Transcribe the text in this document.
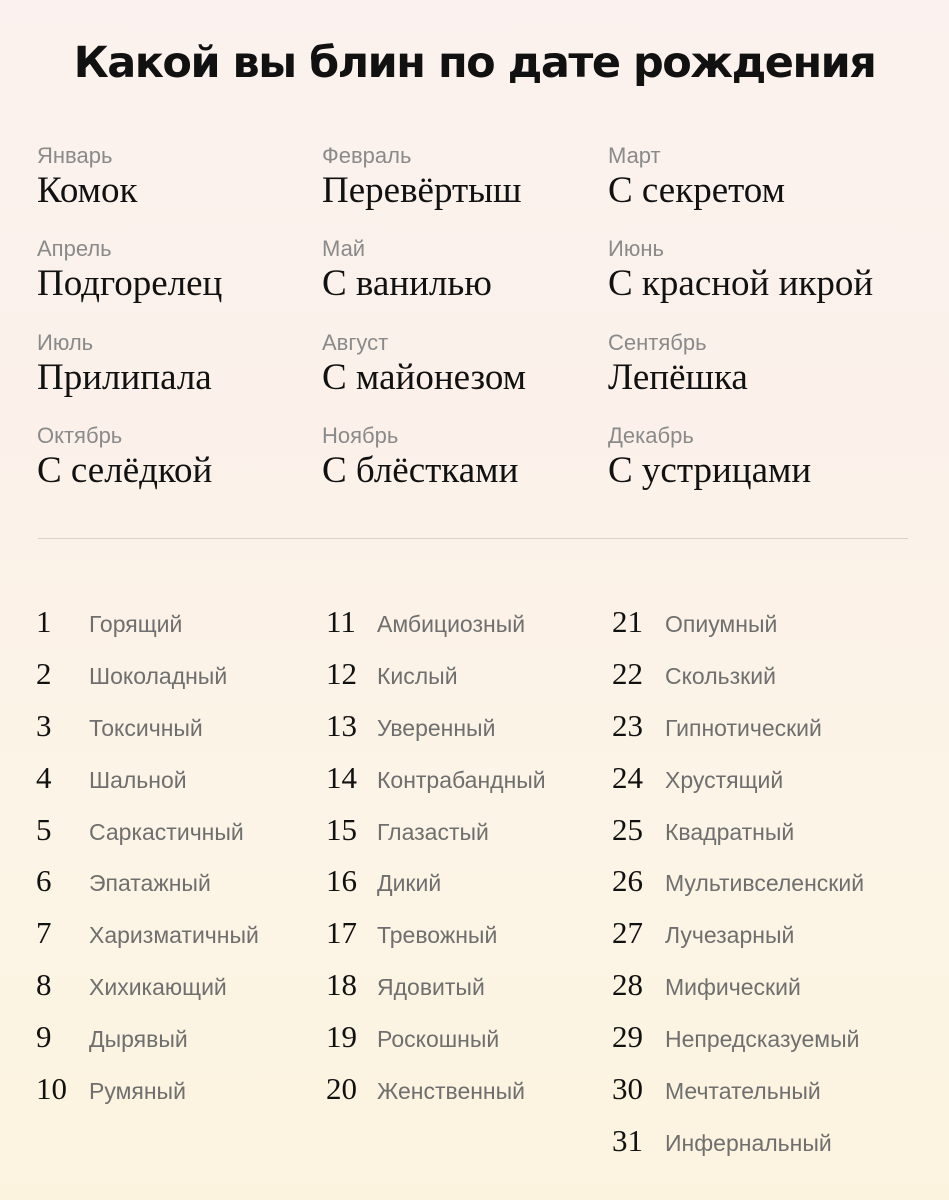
Какой вы блин по дате рождения
Январь
Комок
Февраль
Перевёртыш
Март
С секретом
Апрель
Подгорелец
Май
С ванилью
Июнь
С красной икрой
Июль
Прилипала
Август
С майонезом
Сентябрь
Лепёшка
Октябрь
С селёдкой
Ноябрь
С блёстками
Декабрь
С устрицами
1 Горящий
2 Шоколадный
3 Токсичный
4 Шальной
5 Саркастичный
6 Эпатажный
7 Харизматичный
8 Хихикающий
9 Дырявый
10 Румяный
11 Амбициозный
12 Кислый
13 Уверенный
14 Контрабандный
15 Глазастый
16 Дикий
17 Тревожный
18 Ядовитый
19 Роскошный
20 Женственный
21 Опиумный
22 Скользкий
23 Гипнотический
24 Хрустящий
25 Квадратный
26 Мультивселенский
27 Лучезарный
28 Мифический
29 Непредсказуемый
30 Мечтательный
31 Инфернальный
